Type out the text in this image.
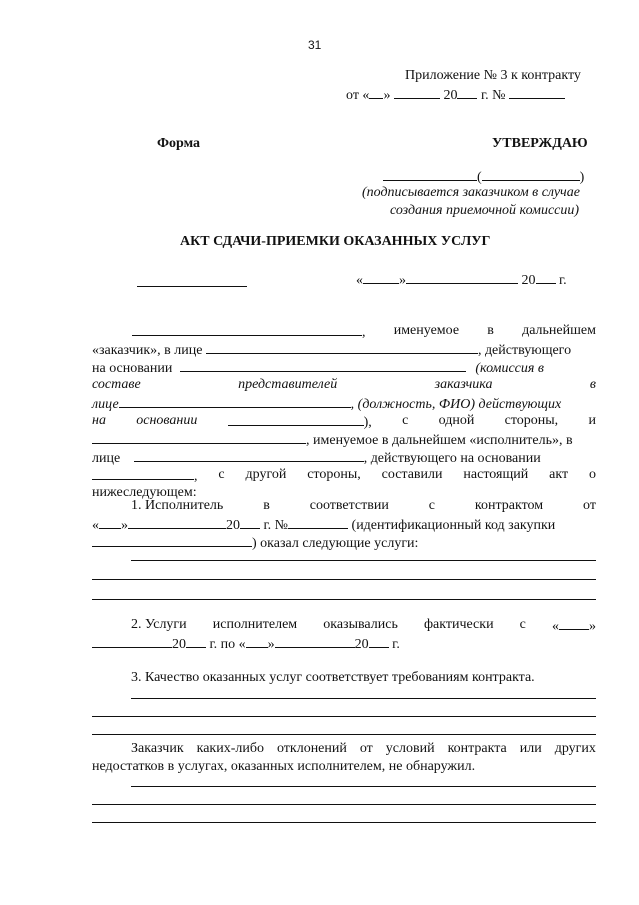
31
Приложение № 3 к контракту
от « »	20 г. №
Форма	УТВЕРЖДАЮ
(	)
(подписывается заказчиком в случае
создания приемочной комиссии)
АКТ СДАЧИ-ПРИЕМКИ ОКАЗАННЫХ УСЛУГ
«	»	20 г.
, именуемое в дальнейшем
«заказчик», в лице	, действующего
на основании	(комиссия в
составе	представителей	заказчика	в
лице	, (должность, ФИО) действующих
на основании	), с одной стороны, и
, именуемое в дальнейшем «исполнитель», в
лице	, действующего на основании
, с другой стороны, составили настоящий акт о
нижеследующем:
1. Исполнитель	в	соответствии	с	контрактом	от
« »	20 г. №	(идентификационный код закупки
) оказал следующие услуги:
2. Услуги исполнителем оказывались фактически с « »
20 г. по « »	20 г.
3. Качество оказанных услуг соответствует требованиям контракта.
Заказчик каких-либо отклонений от условий контракта или других
недостатков в услугах, оказанных исполнителем, не обнаружил.
